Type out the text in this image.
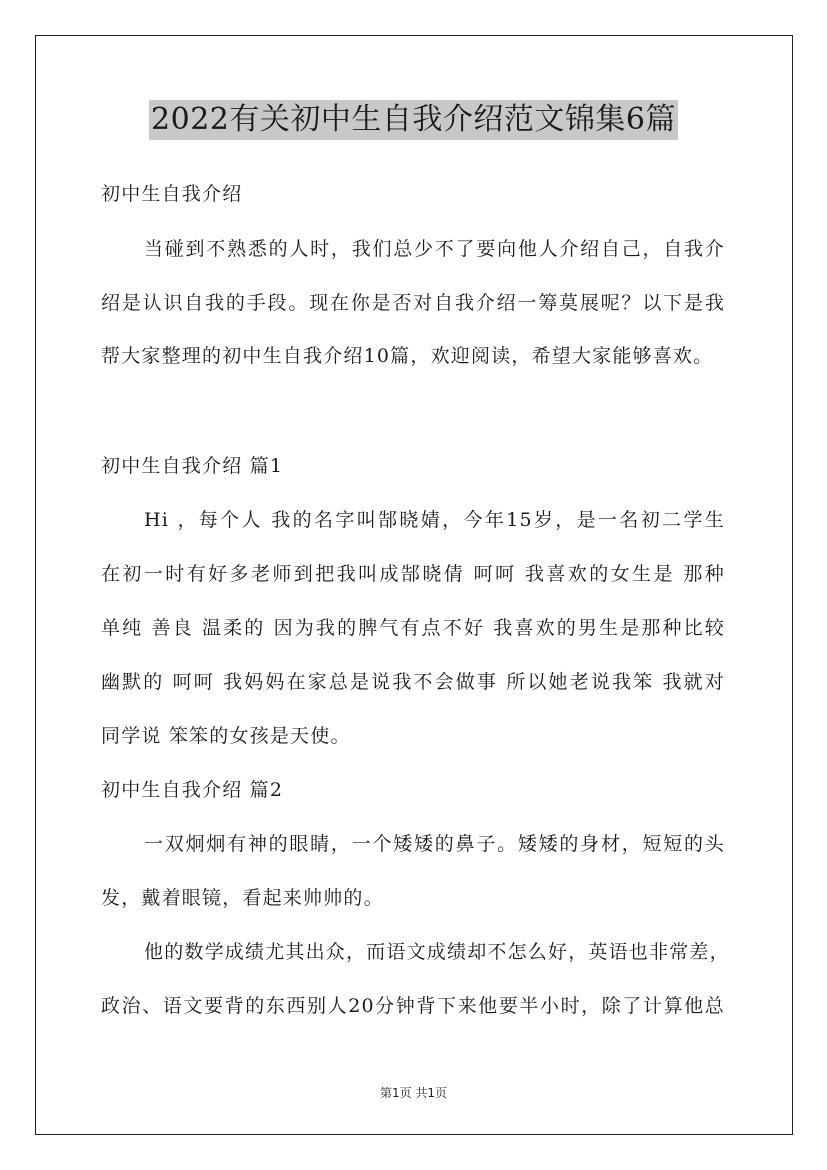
2022有关初中生自我介绍范文锦集6篇
初中生自我介绍
当碰到不熟悉的人时，我们总少不了要向他人介绍自己，自我介
绍是认识自我的手段。现在你是否对自我介绍一筹莫展呢？以下是我
帮大家整理的初中生自我介绍10篇，欢迎阅读，希望大家能够喜欢。
初中生自我介绍 篇1
Hi ，每个人 我的名字叫郜晓婧，今年15岁，是一名初二学生
在初一时有好多老师到把我叫成郜晓倩 呵呵 我喜欢的女生是 那种
单纯 善良 温柔的 因为我的脾气有点不好 我喜欢的男生是那种比较
幽默的 呵呵 我妈妈在家总是说我不会做事 所以她老说我笨 我就对
同学说 笨笨的女孩是天使。
初中生自我介绍 篇2
一双炯炯有神的眼睛，一个矮矮的鼻子。矮矮的身材，短短的头
发，戴着眼镜，看起来帅帅的。
他的数学成绩尤其出众，而语文成绩却不怎么好，英语也非常差，
政治、语文要背的东西别人20分钟背下来他要半小时，除了计算他总
第1页 共1页
